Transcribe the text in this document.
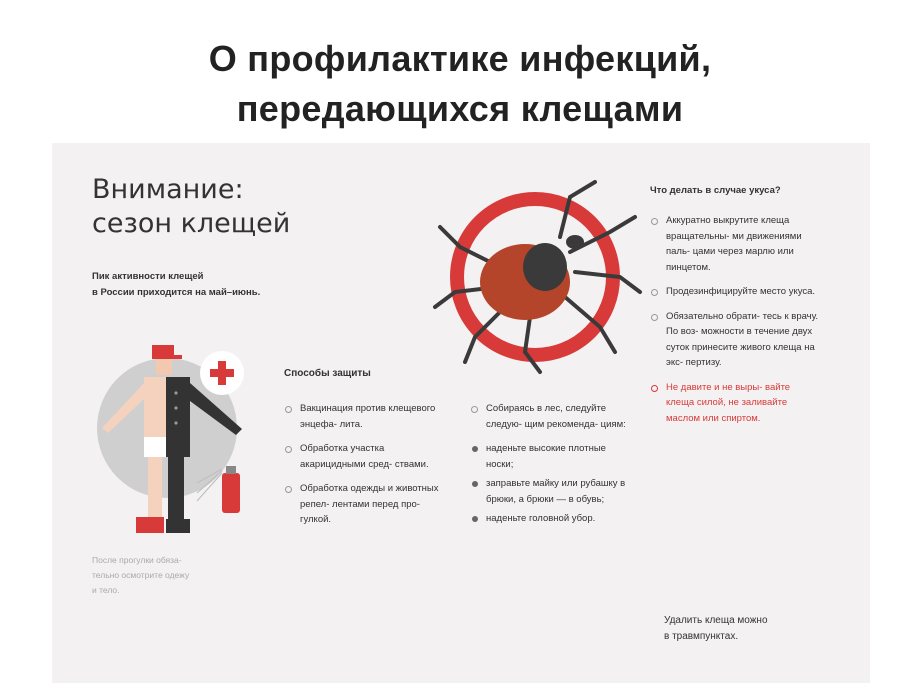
О профилактике инфекций,
передающихся клещами
Внимание:
сезон клещей
Пик активности клещей
в России приходится на май–июнь.
После прогулки обяза-
тельно осмотрите одежу
и тело.
Способы защиты
Вакцинация против клещевого энцефа- лита.
Обработка участка акарицидными сред- ствами.
Обработка одежды и животных репел- лентами перед про- гулкой.
Собираясь в лес, следуйте следую- щим рекоменда- циям:
наденьте высокие плотные носки;
заправьте майку или рубашку в брюки, а брюки — в обувь;
наденьте головной убор.
Что делать в случае укуса?
Аккуратно выкрутите клеща вращательны- ми движениями паль- цами через марлю или пинцетом.
Продезинфицируйте место укуса.
Обязательно обрати- тесь к врачу. По воз- можности в течение двух суток принесите живого клеща на экс- пертизу.
Не давите и не выры- вайте клеща силой, не заливайте маслом или спиртом.
Удалить клеща можно
в травмпунктах.
